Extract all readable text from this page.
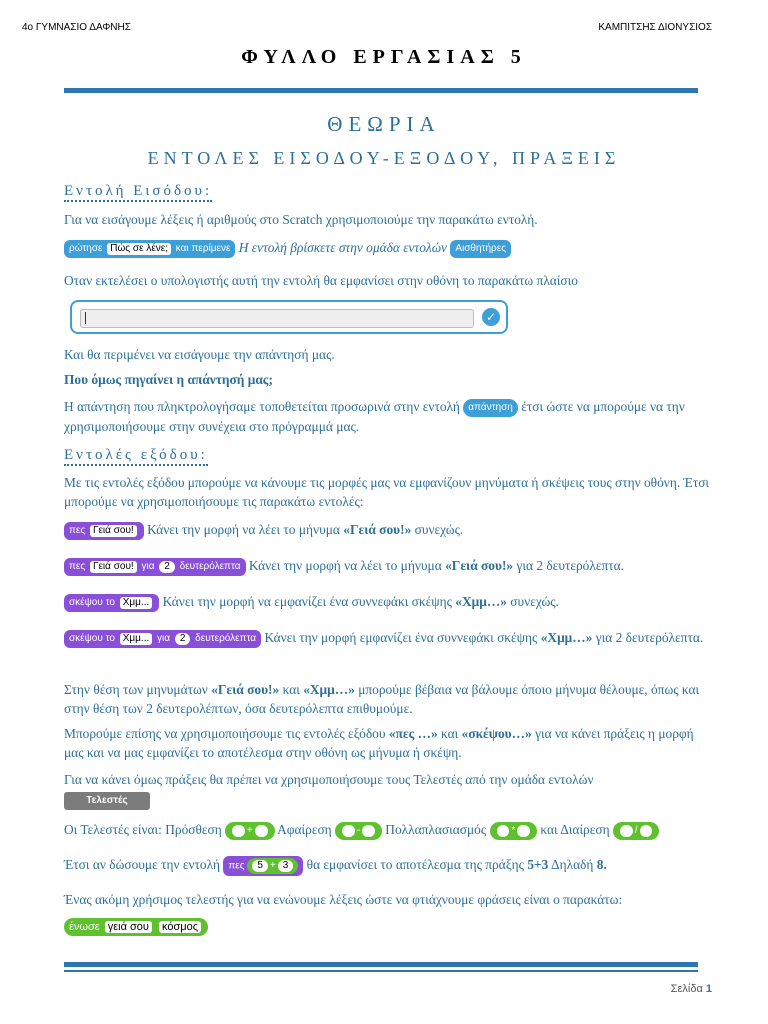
4ο ΓΥΜΝΑΣΙΟ ΔΑΦΝΗΣ	ΚΑΜΠΙΤΣΗΣ ΔΙΟΝΥΣΙΟΣ
ΦΥΛΛΟ ΕΡΓΑΣΙΑΣ 5
ΘΕΩΡΙΑ
ΕΝΤΟΛΕΣ ΕΙΣΟΔΟΥ-ΕΞΟΔΟΥ, ΠΡΑΞΕΙΣ
Εντολή Εισόδου:
Για να εισάγουμε λέξεις ή αριθμούς στο Scratch χρησιμοποιούμε την παρακάτω εντολή.
ρώτησε Πώς σε λένε; και περίμενε Η εντολή βρίσκετε στην ομάδα εντολών Αισθητήρες
Οταν εκτελέσει ο υπολογιστής αυτή την εντολή θα εμφανίσει στην οθόνη το παρακάτω πλαίσιο
✓
Και θα περιμένει να εισάγουμε την απάντησή μας.
Που όμως πηγαίνει η απάντησή μας;
Η απάντηση που πληκτρολογήσαμε τοποθετείται προσωρινά στην εντολή απάντηση έτσι ώστε να μπορούμε να την χρησιμοποιήσουμε στην συνέχεια στο πρόγραμμά μας.
Εντολές εξόδου:
Με τις εντολές εξόδου μπορούμε να κάνουμε τις μορφές μας να εμφανίζουν μηνύματα ή σκέψεις τους στην οθόνη. Έτσι μπορούμε να χρησιμοποιήσουμε τις παρακάτω εντολές:
πες Γειά σου! Κάνει την μορφή να λέει το μήνυμα «Γειά σου!» συνεχώς.
πες Γειά σου! για 2 δευτερόλεπτα Κάνει την μορφή να λέει το μήνυμα «Γειά σου!» για 2 δευτερόλεπτα.
σκέψου το Χμμ... Κάνει την μορφή να εμφανίζει ένα συννεφάκι σκέψης «Χμμ…» συνεχώς.
σκέψου το Χμμ... για 2 δευτερόλεπτα Κάνει την μορφή εμφανίζει ένα συννεφάκι σκέψης «Χμμ…» για 2 δευτερόλεπτα.
Στην θέση των μηνυμάτων «Γειά σου!» και «Χμμ…» μπορούμε βέβαια να βάλουμε όποιο μήνυμα θέλουμε, όπως και στην θέση των 2 δευτερολέπτων, όσα δευτερόλεπτα επιθυμούμε.
Μπορούμε επίσης να χρησιμοποιήσουμε τις εντολές εξόδου «πες …» και «σκέψου…» για να κάνει πράξεις η μορφή μας και να μας εμφανίζει το αποτέλεσμα στην οθόνη ως μήνυμα ή σκέψη.
Για να κάνει όμως πράξεις θα πρέπει να χρησιμοποιήσουμε τους Τελεστές από την ομάδα εντολών
Τελεστές
Οι Τελεστές είναι: Πρόσθεση	+ Αφαίρεση	- Πολλαπλασιασμός	* και Διαίρεση	/
Έτσι αν δώσουμε την εντολή πες 5 + 3 θα εμφανίσει το αποτέλεσμα της πράξης 5+3 Δηλαδή 8.
Ένας ακόμη χρήσιμος τελεστής για να ενώνουμε λέξεις ώστε να φτιάχνουμε φράσεις είναι ο παρακάτω:
ένωσε γειά σου κόσμος
Σελίδα 1
